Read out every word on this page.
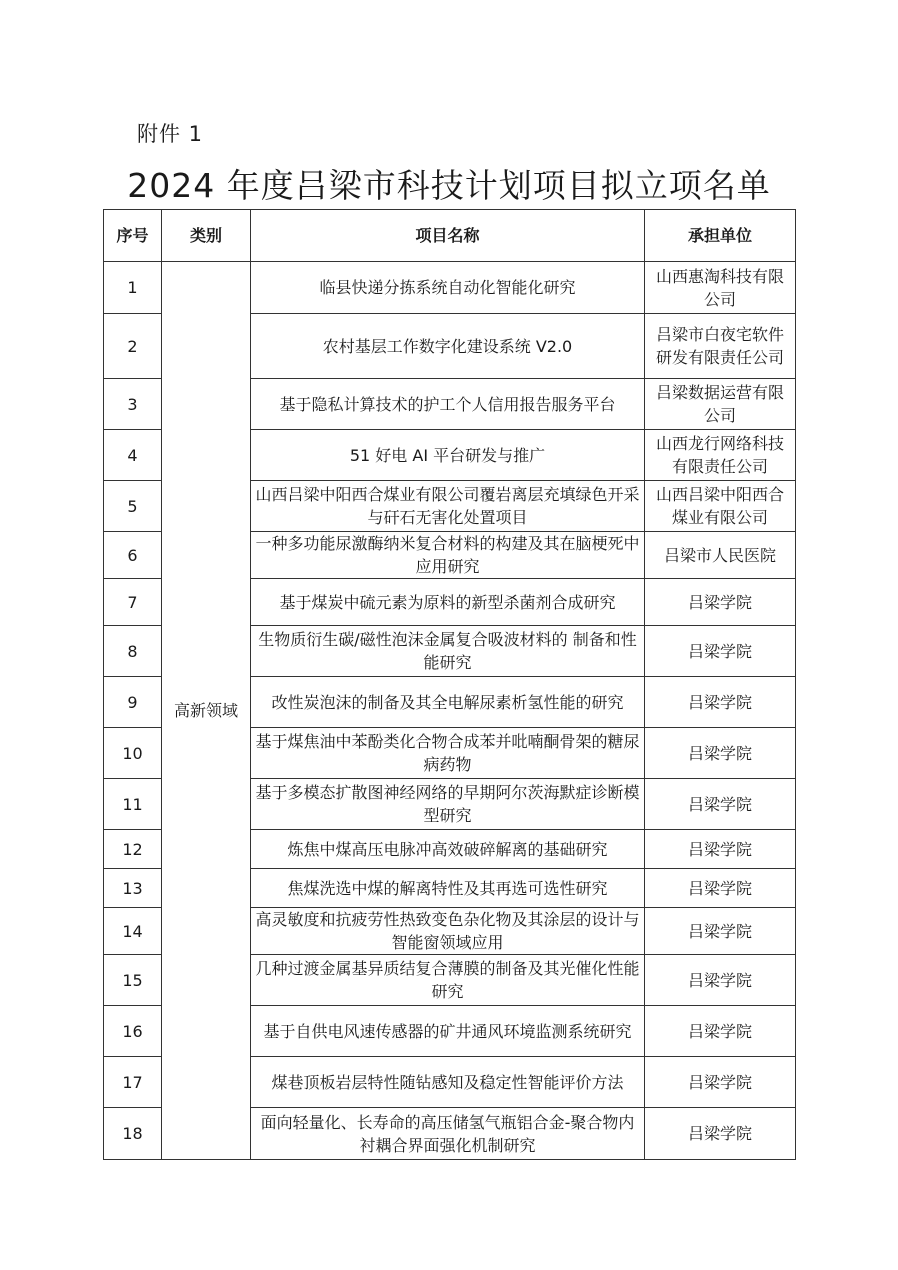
附件 1
2024 年度吕梁市科技计划项目拟立项名单
序号	类别	项目名称	承担单位
1	高新领域	临县快递分拣系统自动化智能化研究	山西惠淘科技有限公司
2		农村基层工作数字化建设系统 V2.0	吕梁市白夜宅软件研发有限责任公司
3		基于隐私计算技术的护工个人信用报告服务平台	吕梁数据运营有限公司
4		51 好电 AI 平台研发与推广	山西龙行网络科技有限责任公司
5		山西吕梁中阳西合煤业有限公司覆岩离层充填绿色开采与矸石无害化处置项目	山西吕梁中阳西合煤业有限公司
6		一种多功能尿激酶纳米复合材料的构建及其在脑梗死中应用研究	吕梁市人民医院
7		基于煤炭中硫元素为原料的新型杀菌剂合成研究	吕梁学院
8		生物质衍生碳/磁性泡沫金属复合吸波材料的 制备和性能研究	吕梁学院
9		改性炭泡沫的制备及其全电解尿素析氢性能的研究	吕梁学院
10		基于煤焦油中苯酚类化合物合成苯并吡喃酮骨架的糖尿病药物	吕梁学院
11		基于多模态扩散图神经网络的早期阿尔茨海默症诊断模型研究	吕梁学院
12		炼焦中煤高压电脉冲高效破碎解离的基础研究	吕梁学院
13		焦煤洗选中煤的解离特性及其再选可选性研究	吕梁学院
14		高灵敏度和抗疲劳性热致变色杂化物及其涂层的设计与智能窗领域应用	吕梁学院
15		几种过渡金属基异质结复合薄膜的制备及其光催化性能研究	吕梁学院
16		基于自供电风速传感器的矿井通风环境监测系统研究	吕梁学院
17		煤巷顶板岩层特性随钻感知及稳定性智能评价方法	吕梁学院
18		面向轻量化、长寿命的高压储氢气瓶铝合金-聚合物内衬耦合界面强化机制研究	吕梁学院
